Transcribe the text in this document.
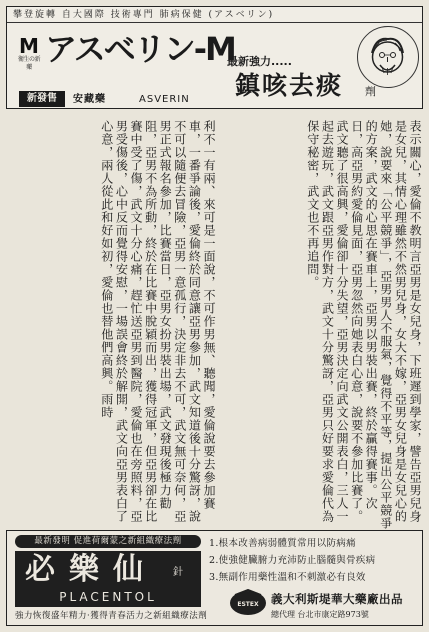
攀登旋轉 自大國際 技術專門 肺病保健 (アスベリン)
M
衛生の新藥 アスベリン-M
最新強力.....
鎮咳去痰	劑
新發售	安藏藥	ASVERIN
表示關心，愛倫不教明言亞男是女兒身，下班遲到學家，譬告亞男兒身是女兒，其情心理雖然不然男兒身，女大不嫁，亞男女兒身是女兒心的她，說要來「公平競爭」，亞男男人不服氣，覺得不平等，提出公平競爭的方案，武文的心思在賽車上，亞男以男裝出賽，終於贏得賽事。次日，高亞男約愛倫見面，亞男忽然向她表白心意，說要不參加比賽了。武文聽了很高興，愛倫卻十分失望，亞男決定向武文公開表白，三人一起去遊玩，武文跟亞男作對方，武文十分驚訝，亞男只好要求愛倫代為保守秘密，武文也不再追問。
利不一有兩、來可是一面說，不可作男無、聽聞，愛倫說要去參加賽車，一番爭論後，愛倫終於同意讓亞男參加，武文知道後十分驚訝，說不可以隨便去冒險，亞男一意孤行，決定非去不可，武文無可奈何，亞男正式報名參加，比賽當日，亞男女扮男裝出場，武文發現後極力勸阻，亞男不為所動，終於在比賽中脫穎而出，獲得冠軍，但亞男卻在比賽中受了傷，武文十分心痛，趕忙送亞男到醫院，愛倫也在旁照料，亞男受傷後，心中反而覺得安慰，一場誤會終於解開，武文向亞男表白了心意，兩人從此和好如初，愛倫也替他們高興。雨時
最新發明 促進荷爾蒙之新組織療法劑
必樂仙	針
PLACENTOL
強力恢復盛年精力·獲得青春活力之新組織療法劑
1.根本改善病弱體質常用以防病痛
2.使強健臟腑力充沛防止腦髓與骨疾病
3.無副作用藥性溫和不刺激必有良效
ESTEX	義大利斯堤華大藥廠出品
總代理 台北市康定路973號
